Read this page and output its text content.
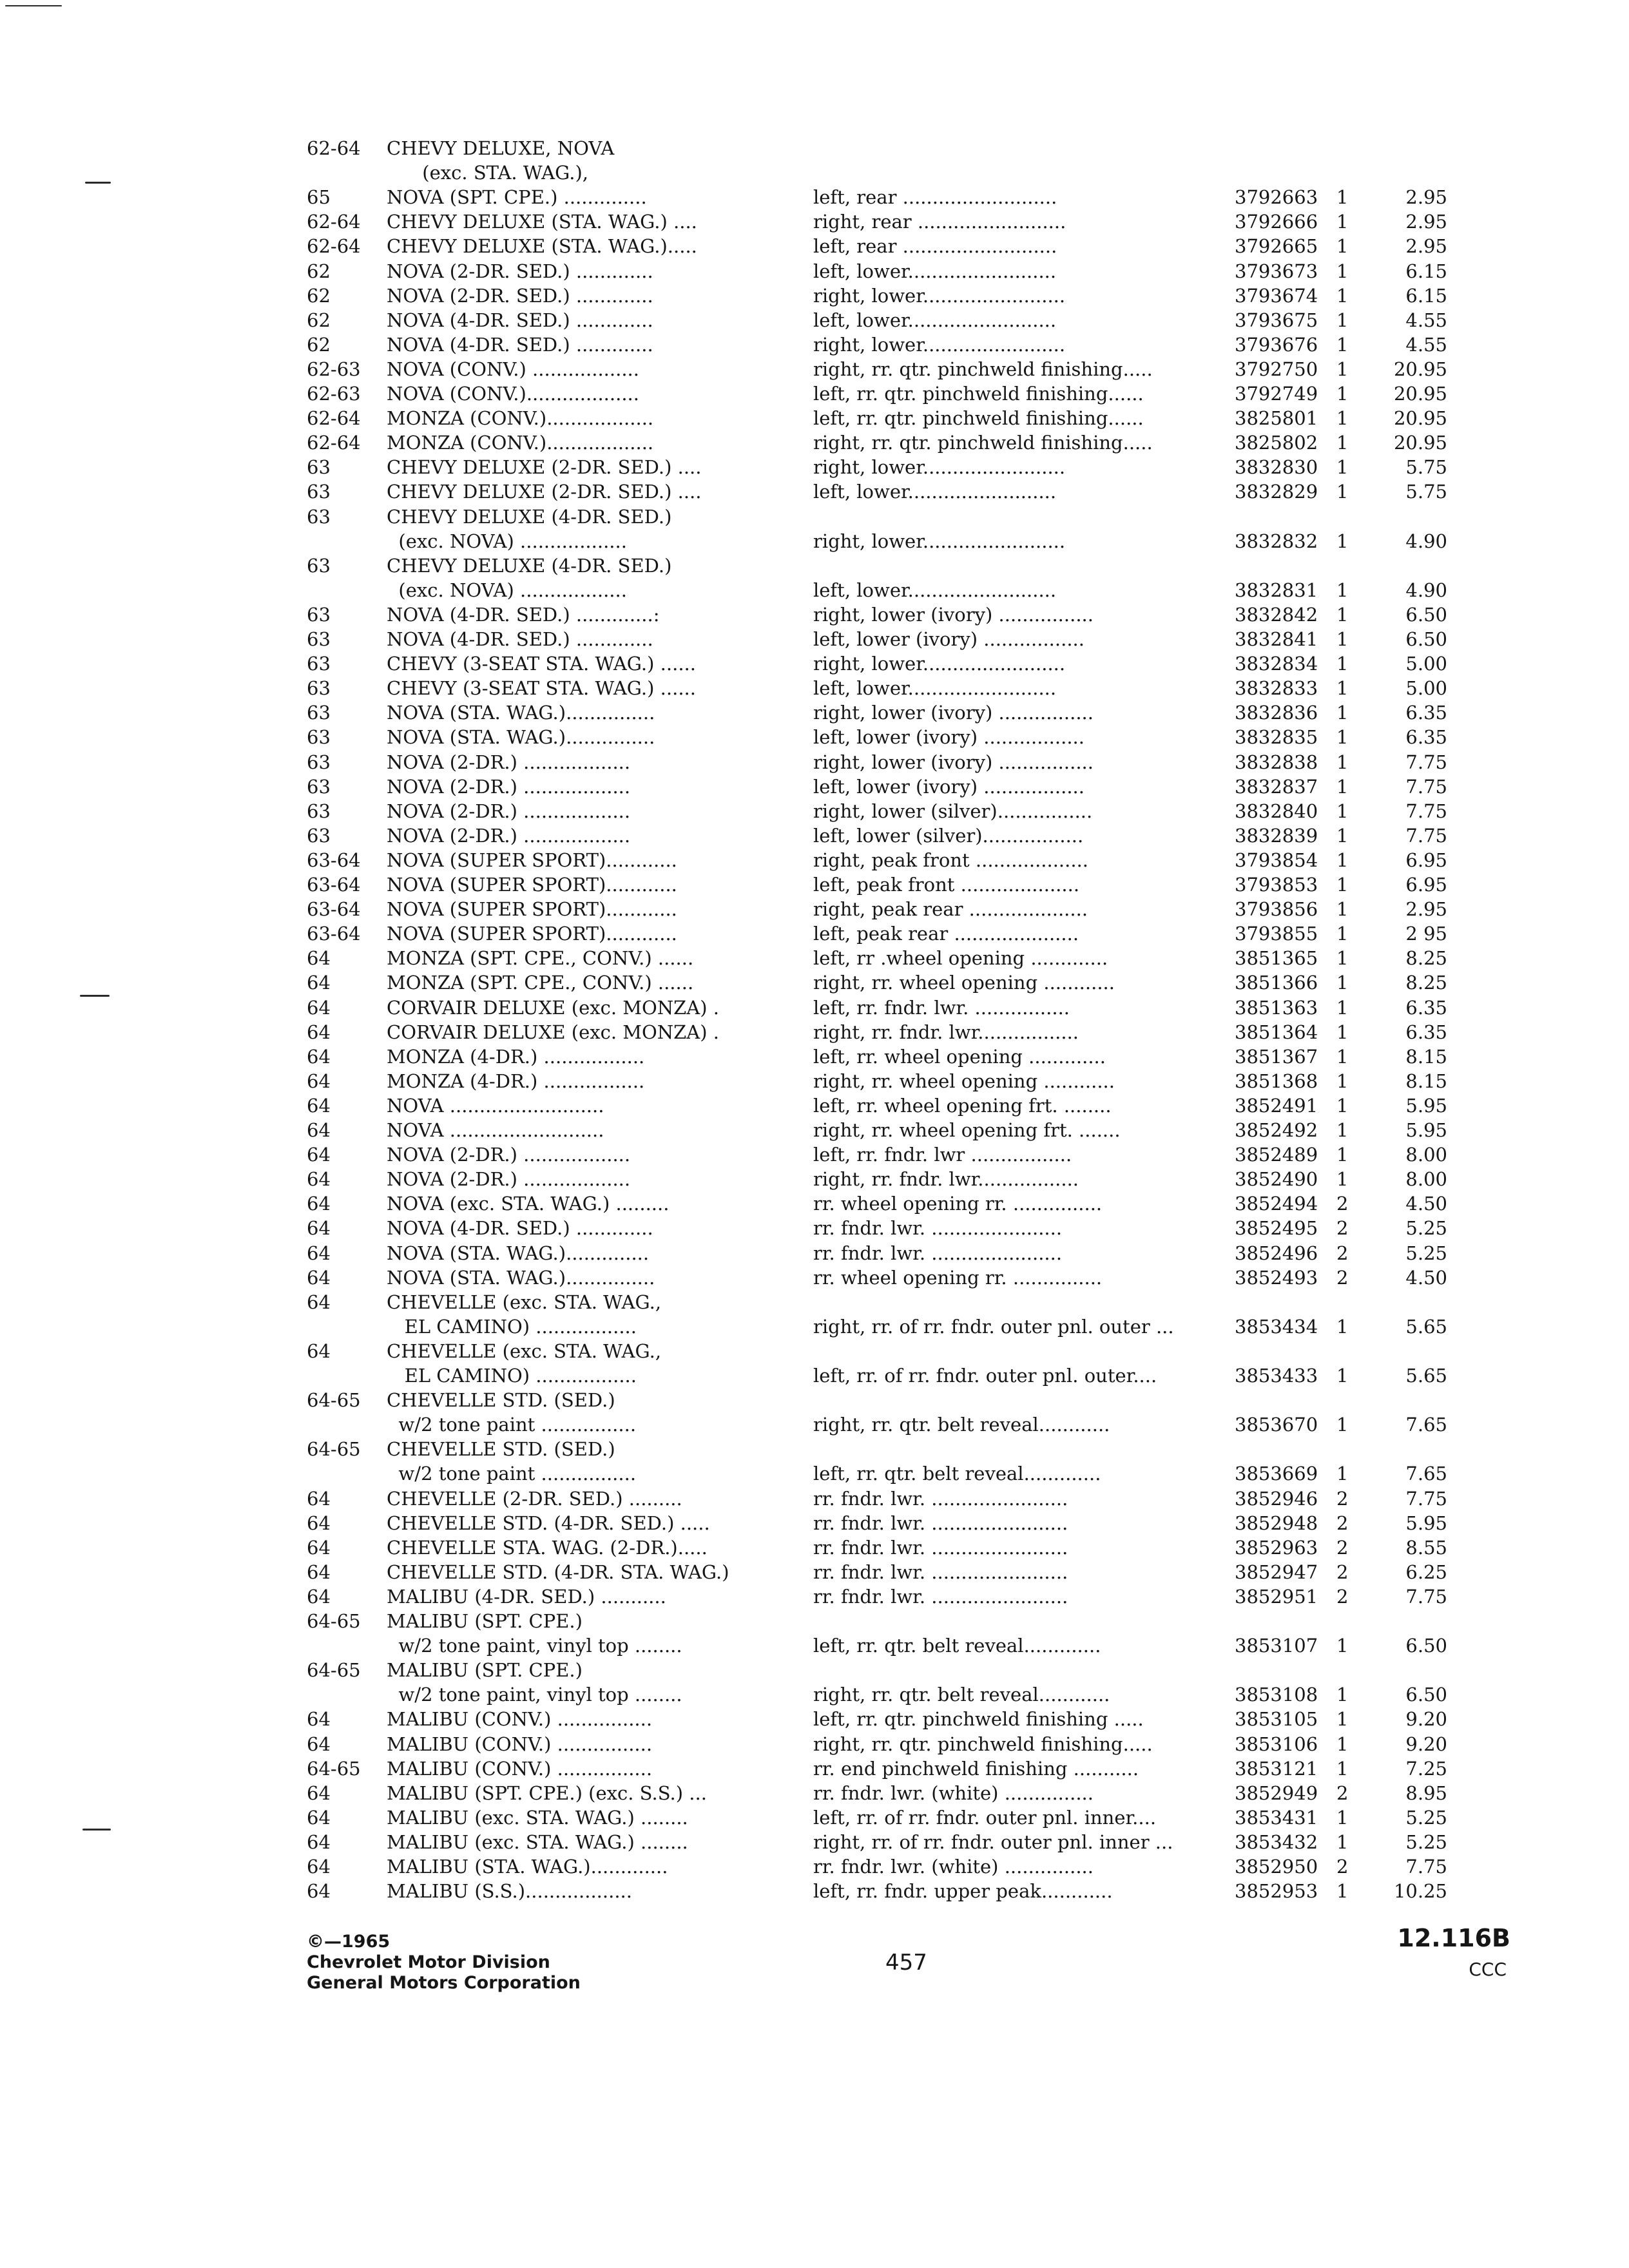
62-64 CHEVY DELUXE, NOVA
(exc. STA. WAG.),
65	NOVA (SPT. CPE.) ..............	left, rear ..........................	3792663 1	2.95
62-64 CHEVY DELUXE (STA. WAG.) ....	right, rear .........................	3792666 1	2.95
62-64 CHEVY DELUXE (STA. WAG.).....	left, rear ..........................	3792665 1	2.95
62	NOVA (2-DR. SED.) .............	left, lower.........................	3793673 1	6.15
62	NOVA (2-DR. SED.) .............	right, lower........................	3793674 1	6.15
62	NOVA (4-DR. SED.) .............	left, lower.........................	3793675 1	4.55
62	NOVA (4-DR. SED.) .............	right, lower........................	3793676 1	4.55
62-63 NOVA (CONV.) ..................	right, rr. qtr. pinchweld finishing.....	3792750 1	20.95
62-63 NOVA (CONV.)...................	left, rr. qtr. pinchweld finishing......	3792749 1	20.95
62-64 MONZA (CONV.)..................	left, rr. qtr. pinchweld finishing......	3825801 1	20.95
62-64 MONZA (CONV.)..................	right, rr. qtr. pinchweld finishing.....	3825802 1	20.95
63	CHEVY DELUXE (2-DR. SED.) ....	right, lower........................	3832830 1	5.75
63	CHEVY DELUXE (2-DR. SED.) ....	left, lower.........................	3832829 1	5.75
63	CHEVY DELUXE (4-DR. SED.)
(exc. NOVA) ..................	right, lower........................	3832832 1	4.90
63	CHEVY DELUXE (4-DR. SED.)
(exc. NOVA) ..................	left, lower.........................	3832831 1	4.90
63	NOVA (4-DR. SED.) .............:	right, lower (ivory) ................	3832842 1	6.50
63	NOVA (4-DR. SED.) .............	left, lower (ivory) .................	3832841 1	6.50
63	CHEVY (3-SEAT STA. WAG.) ......	right, lower........................	3832834 1	5.00
63	CHEVY (3-SEAT STA. WAG.) ......	left, lower.........................	3832833 1	5.00
63	NOVA (STA. WAG.)...............	right, lower (ivory) ................	3832836 1	6.35
63	NOVA (STA. WAG.)...............	left, lower (ivory) .................	3832835 1	6.35
63	NOVA (2-DR.) ..................	right, lower (ivory) ................	3832838 1	7.75
63	NOVA (2-DR.) ..................	left, lower (ivory) .................	3832837 1	7.75
63	NOVA (2-DR.) ..................	right, lower (silver)................	3832840 1	7.75
63	NOVA (2-DR.) ..................	left, lower (silver).................	3832839 1	7.75
63-64 NOVA (SUPER SPORT)............	right, peak front ...................	3793854 1	6.95
63-64 NOVA (SUPER SPORT)............	left, peak front ....................	3793853 1	6.95
63-64 NOVA (SUPER SPORT)............	right, peak rear ....................	3793856 1	2.95
63-64 NOVA (SUPER SPORT)............	left, peak rear .....................	3793855 1	2 95
64	MONZA (SPT. CPE., CONV.) ......	left, rr .wheel opening .............	3851365 1	8.25
64	MONZA (SPT. CPE., CONV.) ......	right, rr. wheel opening ............	3851366 1	8.25
64	CORVAIR DELUXE (exc. MONZA) .	left, rr. fndr. lwr. ................	3851363 1	6.35
64	CORVAIR DELUXE (exc. MONZA) .	right, rr. fndr. lwr.................	3851364 1	6.35
64	MONZA (4-DR.) .................	left, rr. wheel opening .............	3851367 1	8.15
64	MONZA (4-DR.) .................	right, rr. wheel opening ............	3851368 1	8.15
64	NOVA ..........................	left, rr. wheel opening frt. ........	3852491 1	5.95
64	NOVA ..........................	right, rr. wheel opening frt. .......	3852492 1	5.95
64	NOVA (2-DR.) ..................	left, rr. fndr. lwr .................	3852489 1	8.00
64	NOVA (2-DR.) ..................	right, rr. fndr. lwr.................	3852490 1	8.00
64	NOVA (exc. STA. WAG.) .........	rr. wheel opening rr. ...............	3852494 2	4.50
64	NOVA (4-DR. SED.) .............	rr. fndr. lwr. ......................	3852495 2	5.25
64	NOVA (STA. WAG.)..............	rr. fndr. lwr. ......................	3852496 2	5.25
64	NOVA (STA. WAG.)...............	rr. wheel opening rr. ...............	3852493 2	4.50
64	CHEVELLE (exc. STA. WAG.,
EL CAMINO) .................	right, rr. of rr. fndr. outer pnl. outer ...	3853434 1	5.65
64	CHEVELLE (exc. STA. WAG.,
EL CAMINO) .................	left, rr. of rr. fndr. outer pnl. outer....	3853433 1	5.65
64-65 CHEVELLE STD. (SED.)
w/2 tone paint ................	right, rr. qtr. belt reveal............	3853670 1	7.65
64-65 CHEVELLE STD. (SED.)
w/2 tone paint ................	left, rr. qtr. belt reveal.............	3853669 1	7.65
64	CHEVELLE (2-DR. SED.) .........	rr. fndr. lwr. .......................	3852946 2	7.75
64	CHEVELLE STD. (4-DR. SED.) .....	rr. fndr. lwr. .......................	3852948 2	5.95
64	CHEVELLE STA. WAG. (2-DR.).....	rr. fndr. lwr. .......................	3852963 2	8.55
64	CHEVELLE STD. (4-DR. STA. WAG.)	rr. fndr. lwr. .......................	3852947 2	6.25
64	MALIBU (4-DR. SED.) ...........	rr. fndr. lwr. .......................	3852951 2	7.75
64-65 MALIBU (SPT. CPE.)
w/2 tone paint, vinyl top ........	left, rr. qtr. belt reveal.............	3853107 1	6.50
64-65 MALIBU (SPT. CPE.)
w/2 tone paint, vinyl top ........	right, rr. qtr. belt reveal............	3853108 1	6.50
64	MALIBU (CONV.) ................	left, rr. qtr. pinchweld finishing .....	3853105 1	9.20
64	MALIBU (CONV.) ................	right, rr. qtr. pinchweld finishing.....	3853106 1	9.20
64-65 MALIBU (CONV.) ................	rr. end pinchweld finishing ...........	3853121 1	7.25
64	MALIBU (SPT. CPE.) (exc. S.S.) ...	rr. fndr. lwr. (white) ...............	3852949 2	8.95
64	MALIBU (exc. STA. WAG.) ........	left, rr. of rr. fndr. outer pnl. inner....	3853431 1	5.25
64	MALIBU (exc. STA. WAG.) ........	right, rr. of rr. fndr. outer pnl. inner ...	3853432 1	5.25
64	MALIBU (STA. WAG.).............	rr. fndr. lwr. (white) ...............	3852950 2	7.75
64	MALIBU (S.S.)..................	left, rr. fndr. upper peak............	3852953 1	10.25
©—1965
Chevrolet Motor Division
General Motors Corporation
457
12.116B
CCC
